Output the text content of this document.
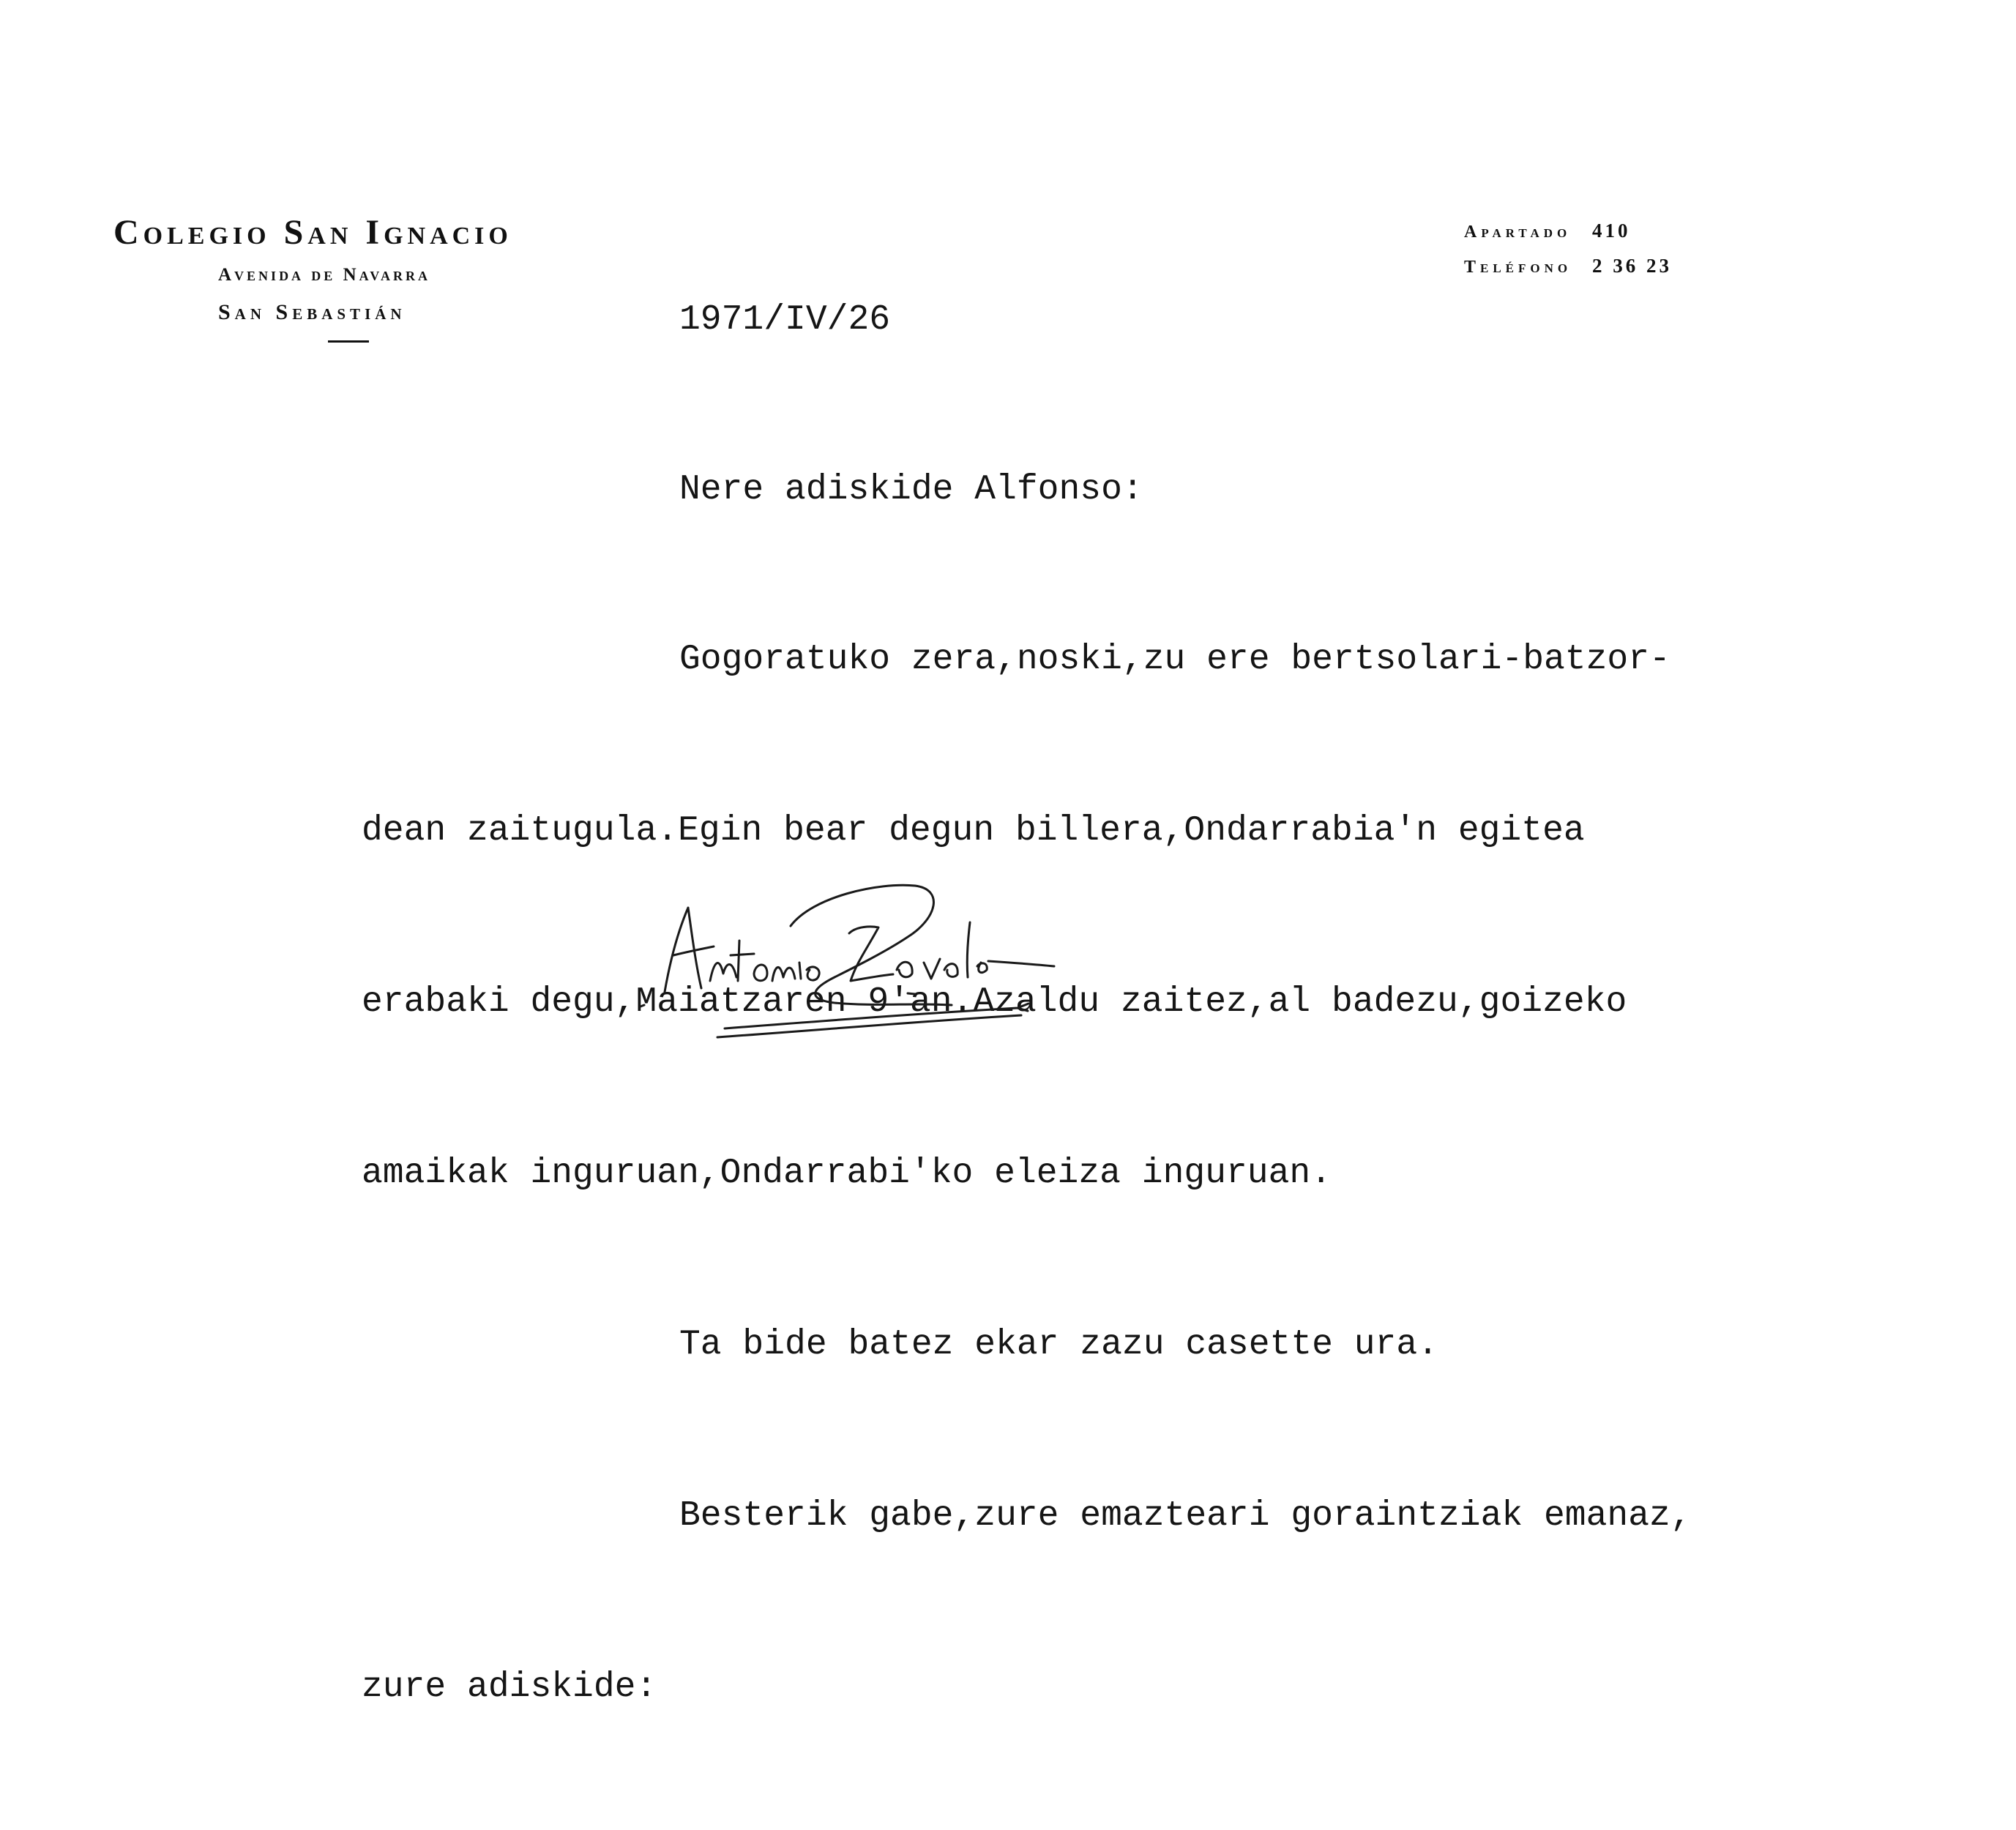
Colegio San Ignacio
Avenida de Navarra
San Sebastián
Apartado	410
Teléfono	2 36 23
1971/IV/26
Nere adiskide Alfonso:

Gogoratuko zera,noski,zu ere bertsolari-batzor-

dean zaitugula.Egin bear degun billera,Ondarrabia'n egitea

erabaki degu,Maiatzaren 9'an.Azaldu zaitez,al badezu,goizeko

amaikak inguruan,Ondarrabi'ko eleiza inguruan.

Ta bide batez ekar zazu casette ura.

Besterik gabe,zure emazteari goraintziak emanaz,

zure adiskide:
